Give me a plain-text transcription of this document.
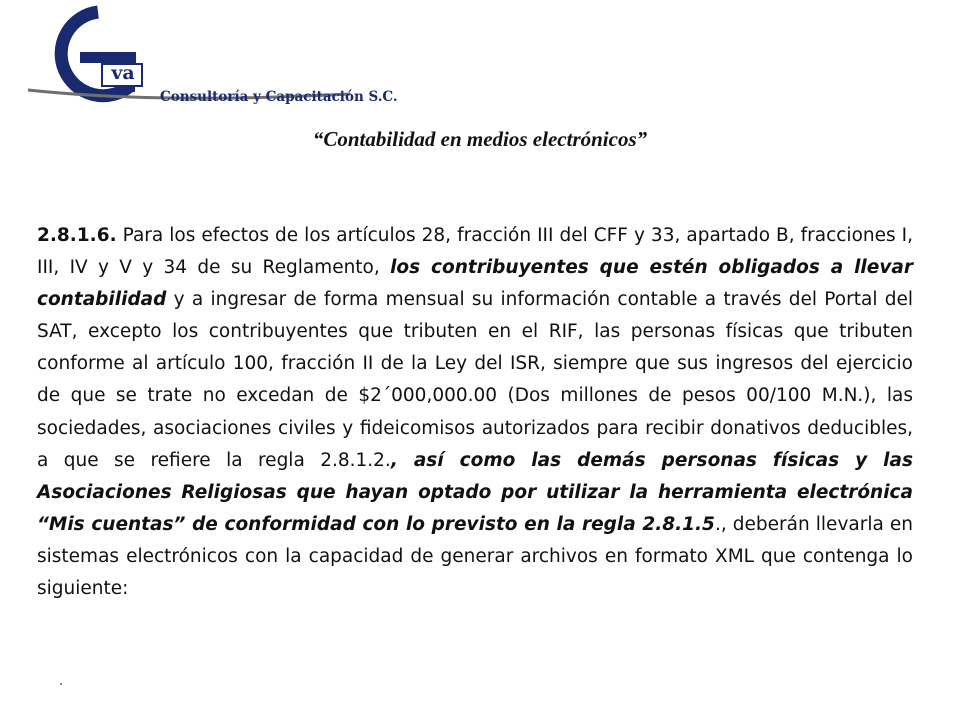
va
Consultoría y Capacitación S.C.
“Contabilidad en medios electrónicos”
2.8.1.6. Para los efectos de los artículos 28, fracción III del CFF y 33, apartado B, fracciones I, III, IV y V y 34 de su Reglamento, los contribuyentes que estén obligados a llevar contabilidad y a ingresar de forma mensual su información contable a través del Portal del SAT, excepto los contribuyentes que tributen en el RIF, las personas físicas que tributen conforme al artículo 100, fracción II de la Ley del ISR, siempre que sus ingresos del ejercicio de que se trate no excedan de $2´000,000.00 (Dos millones de pesos 00/100 M.N.), las sociedades, asociaciones civiles y fideicomisos autorizados para recibir donativos deducibles, a que se refiere la regla 2.8.1.2., así como las demás personas físicas y las Asociaciones Religiosas que hayan optado por utilizar la herramienta electrónica “Mis cuentas” de conformidad con lo previsto en la regla 2.8.1.5., deberán llevarla en sistemas electrónicos con la capacidad de generar archivos en formato XML que contenga lo siguiente:
